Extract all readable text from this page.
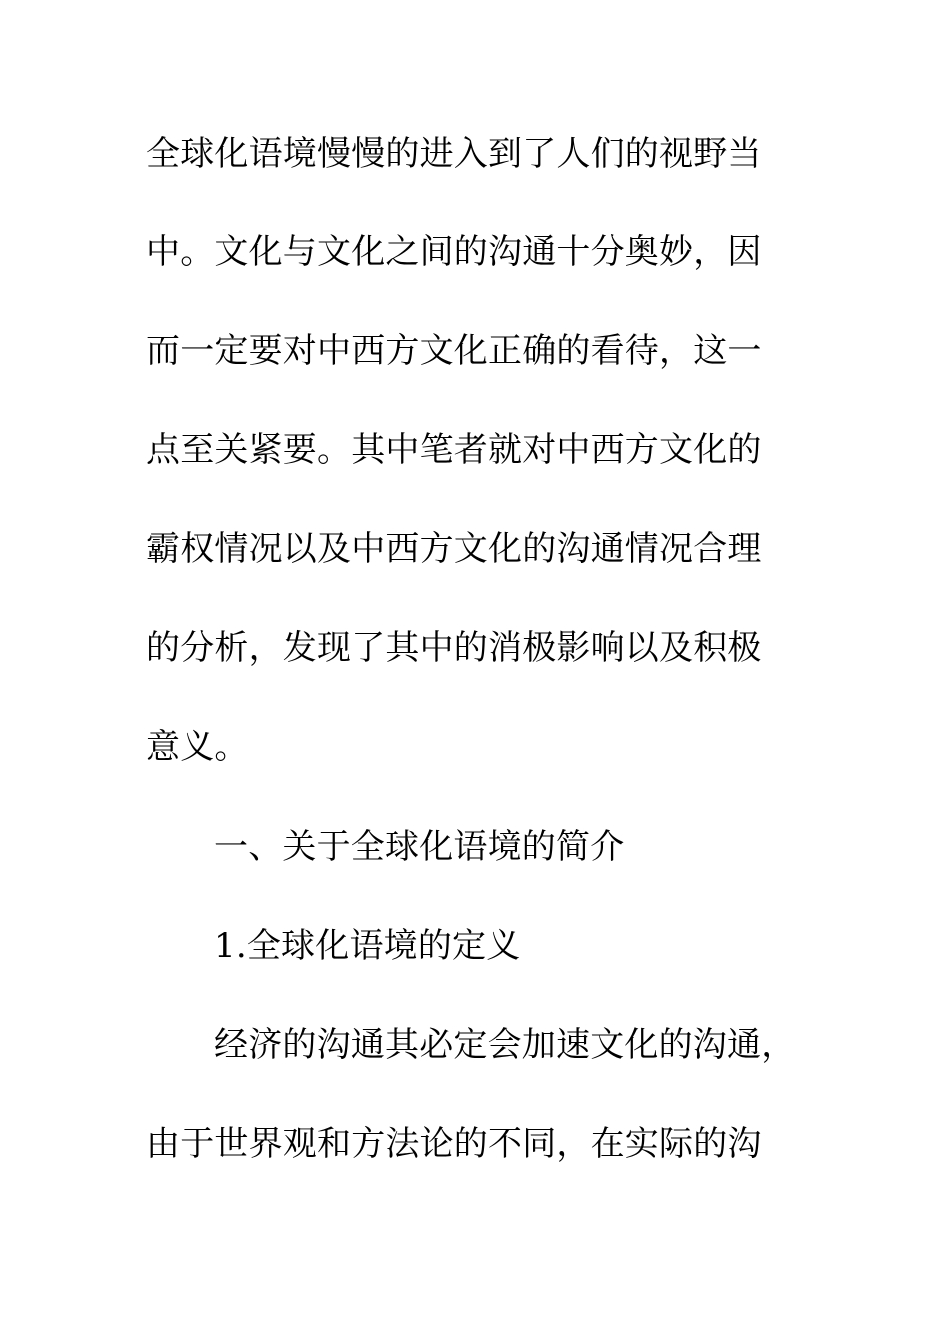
全球化语境慢慢的进入到了人们的视野当
中。文化与文化之间的沟通十分奥妙，因
而一定要对中西方文化正确的看待，这一
点至关紧要。其中笔者就对中西方文化的
霸权情况以及中西方文化的沟通情况合理
的分析，发现了其中的消极影响以及积极
意义。
一、关于全球化语境的简介
1.全球化语境的定义
经济的沟通其必定会加速文化的沟通，
由于世界观和方法论的不同，在实际的沟
